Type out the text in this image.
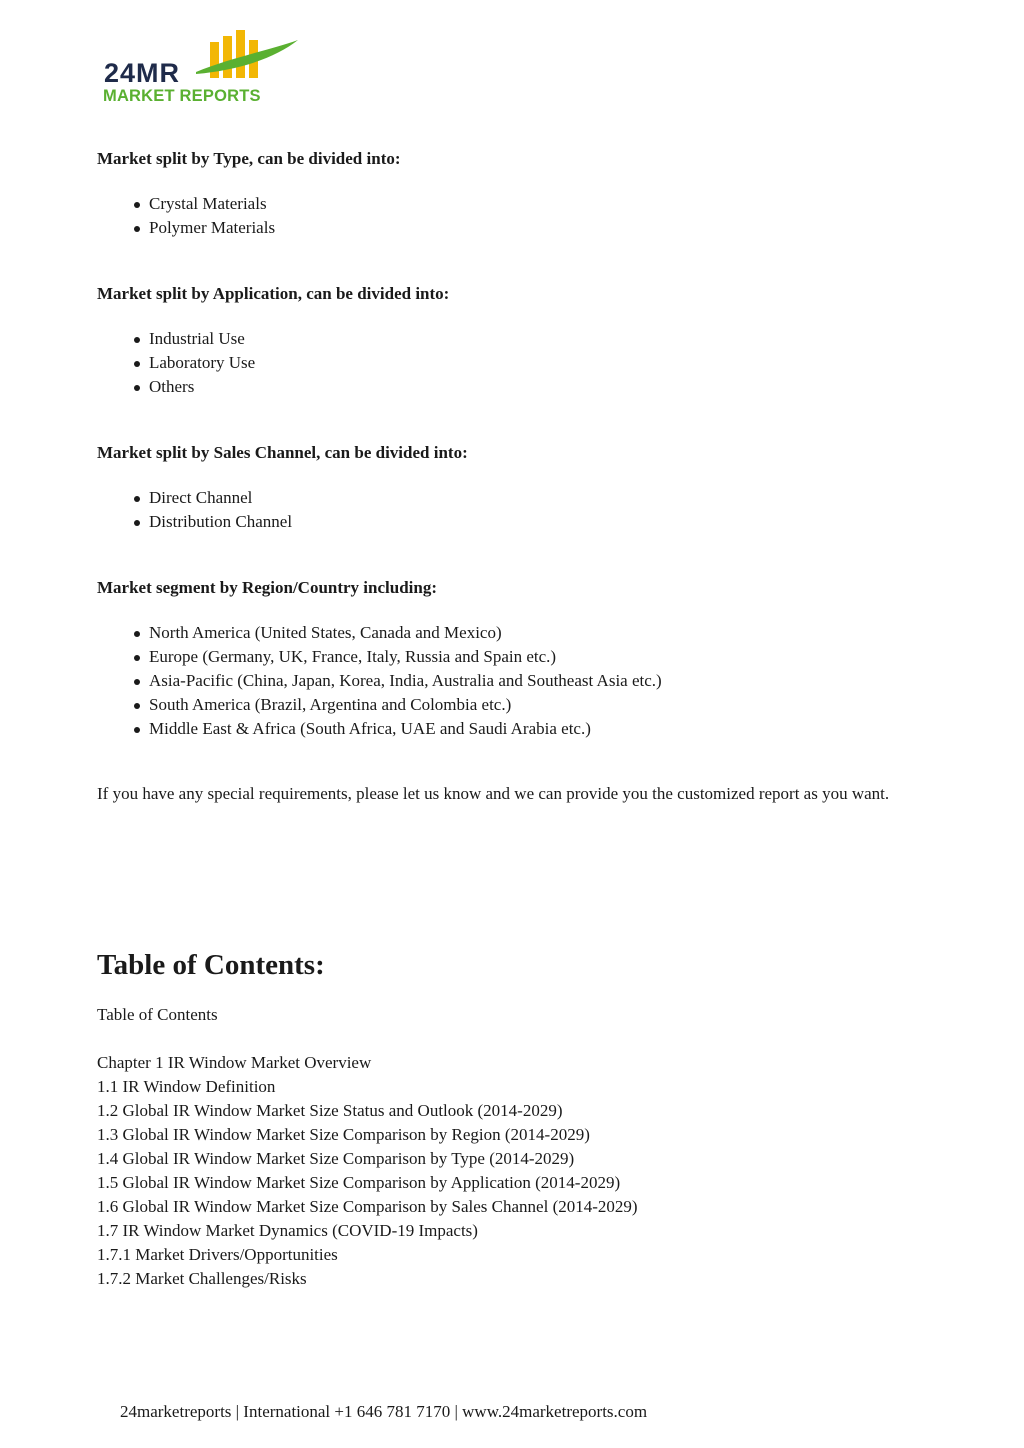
24MR
MARKET REPORTS
Market split by Type, can be divided into:
Crystal Materials
Polymer Materials
Market split by Application, can be divided into:
Industrial Use
Laboratory Use
Others
Market split by Sales Channel, can be divided into:
Direct Channel
Distribution Channel
Market segment by Region/Country including:
North America (United States, Canada and Mexico)
Europe (Germany, UK, France, Italy, Russia and Spain etc.)
Asia-Pacific (China, Japan, Korea, India, Australia and Southeast Asia etc.)
South America (Brazil, Argentina and Colombia etc.)
Middle East & Africa (South Africa, UAE and Saudi Arabia etc.)
If you have any special requirements, please let us know and we can provide you the customized report as you want.
Table of Contents:
Table of Contents
Chapter 1 IR Window Market Overview
1.1 IR Window Definition
1.2 Global IR Window Market Size Status and Outlook (2014-2029)
1.3 Global IR Window Market Size Comparison by Region (2014-2029)
1.4 Global IR Window Market Size Comparison by Type (2014-2029)
1.5 Global IR Window Market Size Comparison by Application (2014-2029)
1.6 Global IR Window Market Size Comparison by Sales Channel (2014-2029)
1.7 IR Window Market Dynamics (COVID-19 Impacts)
1.7.1 Market Drivers/Opportunities
1.7.2 Market Challenges/Risks
24marketreports | International +1 646 781 7170 | www.24marketreports.com
